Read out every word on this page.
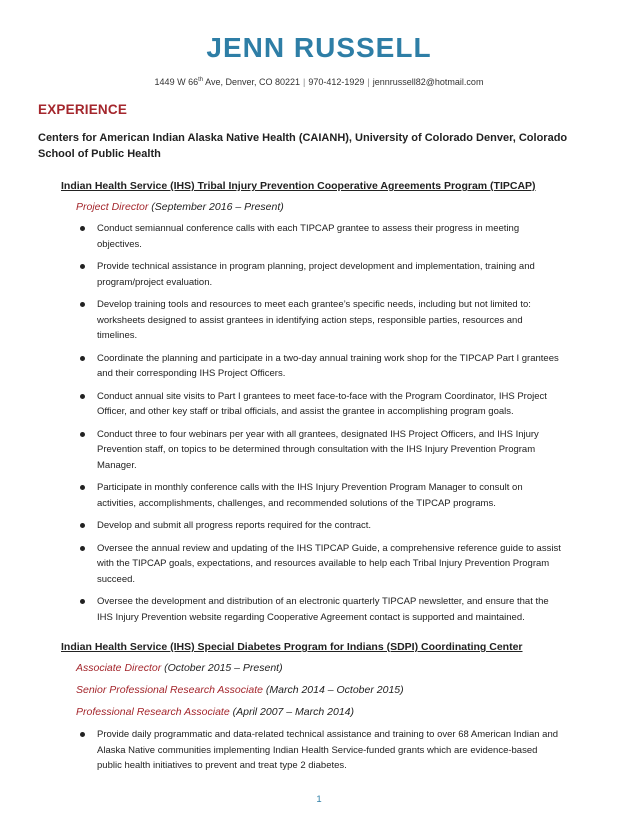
JENN RUSSELL
1449 W 66th Ave, Denver, CO 80221 | 970-412-1929 | jennrussell82@hotmail.com
EXPERIENCE
Centers for American Indian Alaska Native Health (CAIANH), University of Colorado Denver, Colorado School of Public Health
Indian Health Service (IHS) Tribal Injury Prevention Cooperative Agreements Program (TIPCAP)
Project Director (September 2016 – Present)
Conduct semiannual conference calls with each TIPCAP grantee to assess their progress in meeting objectives.
Provide technical assistance in program planning, project development and implementation, training and program/project evaluation.
Develop training tools and resources to meet each grantee’s specific needs, including but not limited to: worksheets designed to assist grantees in identifying action steps, responsible parties, resources and timelines.
Coordinate the planning and participate in a two-day annual training work shop for the TIPCAP Part I grantees and their corresponding IHS Project Officers.
Conduct annual site visits to Part I grantees to meet face-to-face with the Program Coordinator, IHS Project Officer, and other key staff or tribal officials, and assist the grantee in accomplishing program goals.
Conduct three to four webinars per year with all grantees, designated IHS Project Officers, and IHS Injury Prevention staff, on topics to be determined through consultation with the IHS Injury Prevention Program Manager.
Participate in monthly conference calls with the IHS Injury Prevention Program Manager to consult on activities, accomplishments, challenges, and recommended solutions of the TIPCAP programs.
Develop and submit all progress reports required for the contract.
Oversee the annual review and updating of the IHS TIPCAP Guide, a comprehensive reference guide to assist with the TIPCAP goals, expectations, and resources available to help each Tribal Injury Prevention Program succeed.
Oversee the development and distribution of an electronic quarterly TIPCAP newsletter, and ensure that the IHS Injury Prevention website regarding Cooperative Agreement contact is supported and maintained.
Indian Health Service (IHS) Special Diabetes Program for Indians (SDPI) Coordinating Center
Associate Director (October 2015 – Present)
Senior Professional Research Associate (March 2014 – October 2015)
Professional Research Associate (April 2007 – March 2014)
Provide daily programmatic and data-related technical assistance and training to over 68 American Indian and Alaska Native communities implementing Indian Health Service-funded grants which are evidence-based public health initiatives to prevent and treat type 2 diabetes.
1
